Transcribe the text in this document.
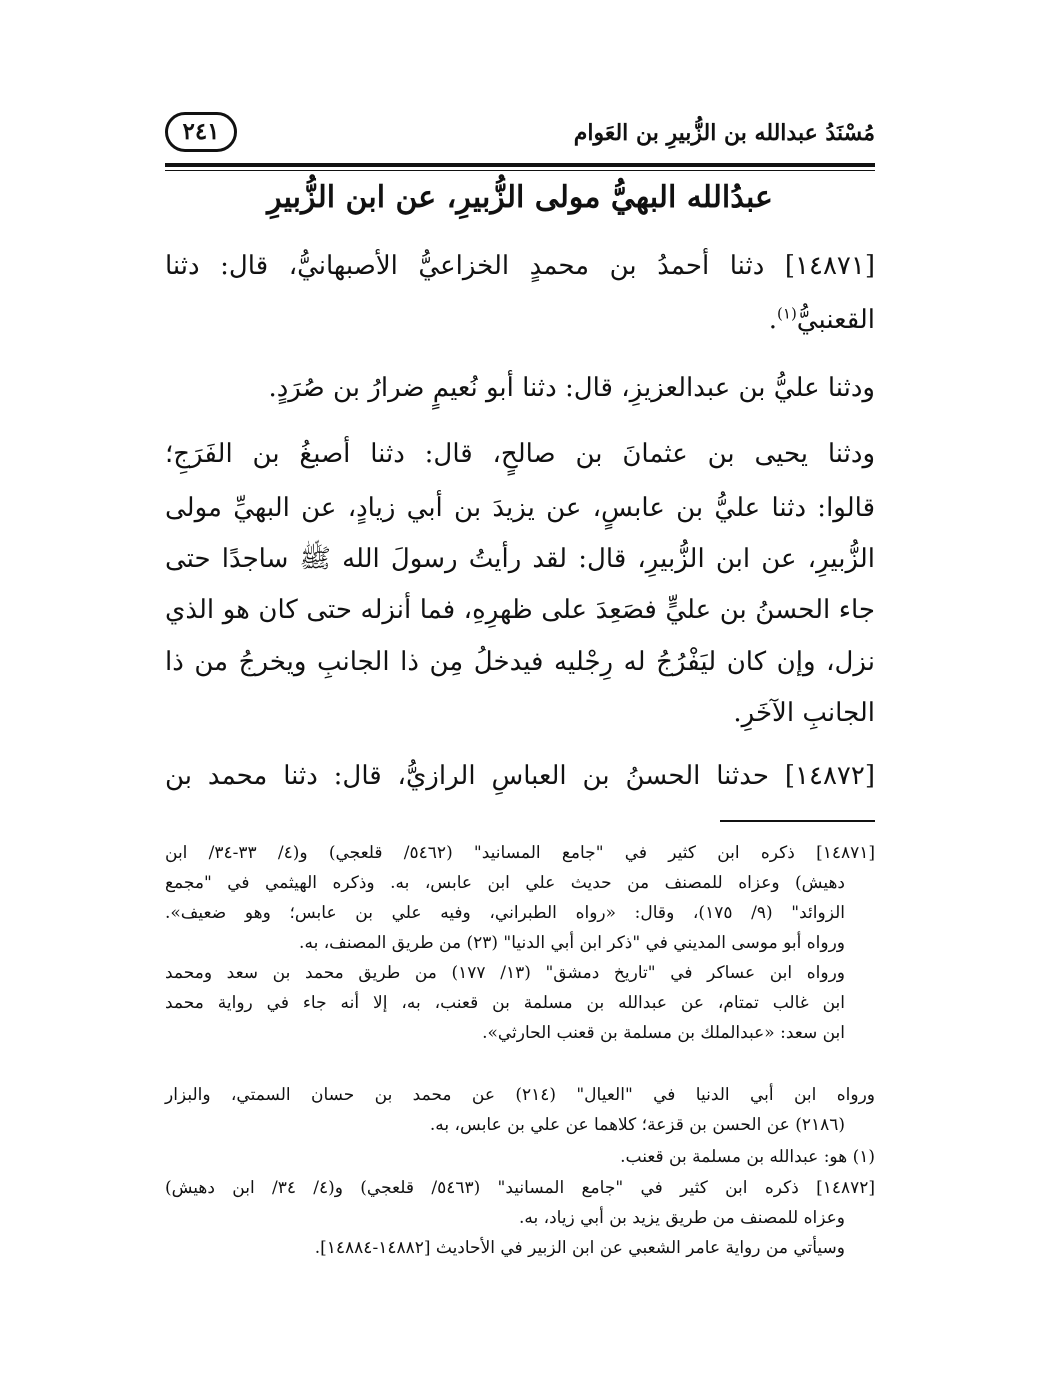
مُسْنَدُ عبدالله بن الزُّبيرِ بن العَوام
٢٤١
عبدُالله البهيُّ مولى الزُّبيرِ، عن ابن الزُّبيرِ
[١٤٨٧١] دثنا أحمدُ بن محمدٍ الخزاعيُّ الأصبهانيُّ، قال: دثنا
القعنبيُّ$^{(١)}$.
ودثنا عليُّ بن عبدالعزيزِ، قال: دثنا أبو نُعيمٍ ضرارُ بن صُرَدٍ.
ودثنا يحيى بن عثمانَ بن صالحٍ، قال: دثنا أصبغُ بن الفَرَجِ؛
قالوا: دثنا عليُّ بن عابسٍ، عن يزيدَ بن أبي زيادٍ، عن البهيِّ مولى
الزُّبيرِ، عن ابن الزُّبيرِ، قال: لقد رأيتُ رسولَ الله ﷺ ساجدًا حتى
جاء الحسنُ بن عليٍّ فصَعِدَ على ظهرِهِ، فما أنزله حتى كان هو الذي
نزل، وإن كان ليَفْرُجُ له رِجْليه فيدخلُ مِن ذا الجانبِ ويخرجُ من ذا
الجانبِ الآخَرِ.
[١٤٨٧٢] حدثنا الحسنُ بن العباسِ الرازيُّ، قال: دثنا محمد بن
[١٤٨٧١] ذكره ابن كثير في "جامع المسانيد" (٥٤٦٢/ قلعجي) و(٤/ ٣٣-٣٤/ ابن
دهيش) وعزاه للمصنف من حديث علي ابن عابس، به. وذكره الهيثمي في "مجمع
الزوائد" (٩/ ١٧٥)، وقال: «رواه الطبراني، وفيه علي بن عابس؛ وهو ضعيف».
ورواه أبو موسى المديني في "ذكر ابن أبي الدنيا" (٢٣) من طريق المصنف، به.
ورواه ابن عساكر في "تاريخ دمشق" (١٣/ ١٧٧) من طريق محمد بن سعد ومحمد
ابن غالب تمتام، عن عبدالله بن مسلمة بن قعنب، به، إلا أنه جاء في رواية محمد
ابن سعد: «عبدالملك بن مسلمة بن قعنب الحارثي».
ورواه ابن أبي الدنيا في "العيال" (٢١٤) عن محمد بن حسان السمتي، والبزار
(٢١٨٦) عن الحسن بن قزعة؛ كلاهما عن علي بن عابس، به.
(١) هو: عبدالله بن مسلمة بن قعنب.
[١٤٨٧٢] ذكره ابن كثير في "جامع المسانيد" (٥٤٦٣/ قلعجي) و(٤/ ٣٤/ ابن دهيش)
وعزاه للمصنف من طريق يزيد بن أبي زياد، به.
وسيأتي من رواية عامر الشعبي عن ابن الزبير في الأحاديث [١٤٨٨٢-١٤٨٨٤].
